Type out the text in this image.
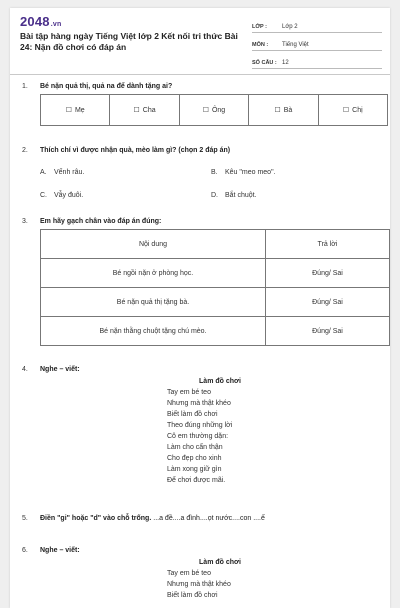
2048.vn
Bài tập hàng ngày Tiếng Việt lớp 2 Kết nối tri thức Bài 24: Nặn đồ chơi có đáp án
LỚP :	Lớp 2
MÔN :	Tiếng Việt
SỐ CÂU : 12
1. Bé nặn quả thị, quả na để dành tặng ai?
☐ Mẹ	☐ Cha	☐ Ông	☐ Bà	☐ Chị
2. Thích chí vì được nhận quà, mèo làm gì? (chọn 2 đáp án)
A. Vểnh râu.	B. Kêu "meo meo".
C. Vẫy đuôi.	D. Bắt chuột.
3. Em hãy gạch chân vào đáp án đúng:
Nội dung	Trả lời
Bé ngồi nặn ở phòng học.	Đúng/ Sai
Bé nặn quả thị tặng bà.	Đúng/ Sai
Bé nặn thằng chuột tặng chú mèo.	Đúng/ Sai
4. Nghe – viết:
Làm đồ chơi
Tay em bé teo
Nhưng mà thật khéo
Biết làm đồ chơi
Theo đúng những lời
Cô em thường dặn:
Làm cho cẩn thận
Cho đẹp cho xinh
Làm xong giữ gìn
Để chơi được mãi.
5. Điền "gi" hoặc "d" vào chỗ trống. ...a đề....a đình....ọt nước....con ....ế
6. Nghe – viết:
Làm đồ chơi
Tay em bé teo
Nhưng mà thật khéo
Biết làm đồ chơi
